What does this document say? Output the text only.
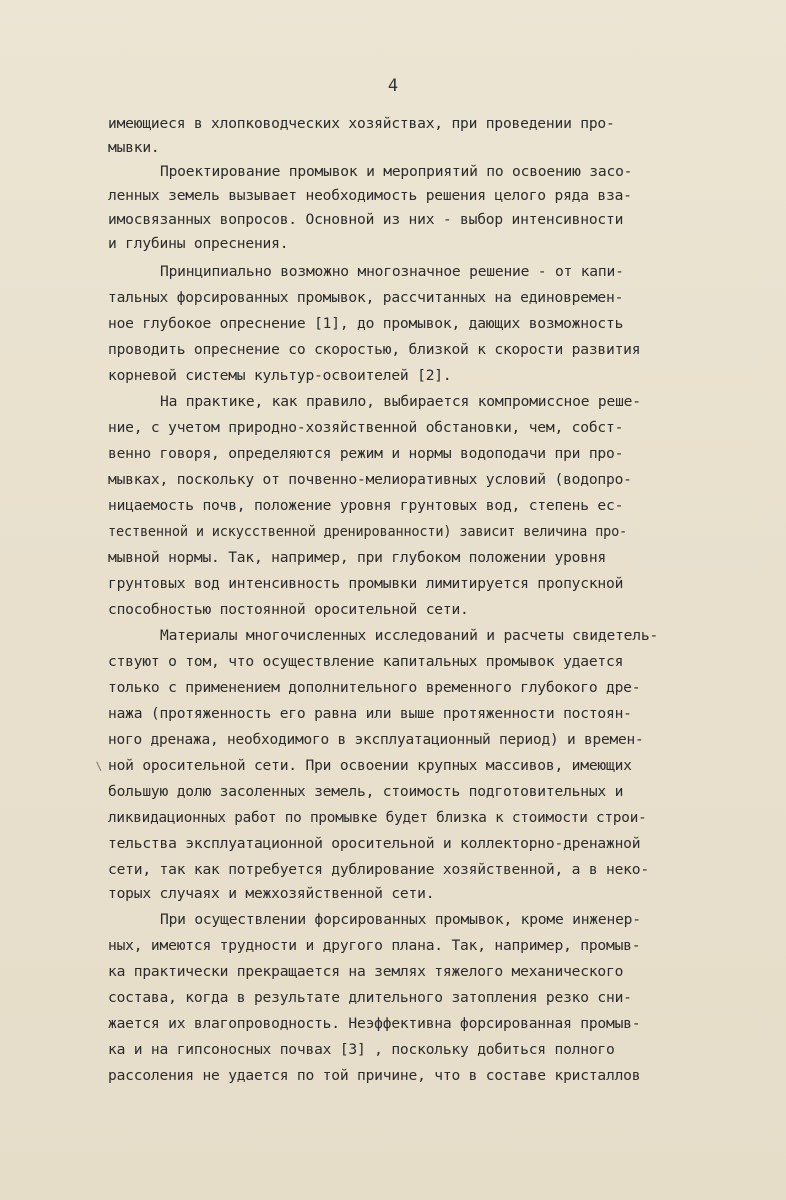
4
имеющиеся в хлопководческих хозяйствах, при проведении про-
мывки.
Проектирование промывок и мероприятий по освоению засо-
ленных земель вызывает необходимость решения целого ряда вза-
имосвязанных вопросов. Основной из них - выбор интенсивности
и глубины опреснения.
Принципиально возможно многозначное решение - от капи-
тальных форсированных промывок, рассчитанных на единовремен-
ное глубокое опреснение [1], до промывок, дающих возможность
проводить опреснение со скоростью, близкой к скорости развития
корневой системы культур-освоителей [2].
На практике, как правило, выбирается компромиссное реше-
ние, с учетом природно-хозяйственной обстановки, чем, собст-
венно говоря, определяются режим и нормы водоподачи при про-
мывках, поскольку от почвенно-мелиоративных условий (водопро-
ницаемость почв, положение уровня грунтовых вод, степень ес-
тественной и искусственной дренированности) зависит величина про-
мывной нормы. Так, например, при глубоком положении уровня
грунтовых вод интенсивность промывки лимитируется пропускной
способностью постоянной оросительной сети.
Материалы многочисленных исследований и расчеты свидетель-
ствуют о том, что осуществление капитальных промывок удается
только с применением дополнительного временного глубокого дре-
нажа (протяженность его равна или выше протяженности постоян-
ного дренажа, необходимого в эксплуатационный период) и времен-
ной оросительной сети. При освоении крупных массивов, имеющих
большую долю засоленных земель, стоимость подготовительных и
ликвидационных работ по промывке будет близка к стоимости строи-
тельства эксплуатационной оросительной и коллекторно-дренажной
сети, так как потребуется дублирование хозяйственной, а в неко-
торых случаях и межхозяйственной сети.
При осуществлении форсированных промывок, кроме инженер-
ных, имеются трудности и другого плана. Так, например, промыв-
ка практически прекращается на землях тяжелого механического
состава, когда в результате длительного затопления резко сни-
жается их влагопроводность. Неэффективна форсированная промыв-
ка и на гипсоносных почвах [3] , поскольку добиться полного
рассоления не удается по той причине, что в составе кристаллов
